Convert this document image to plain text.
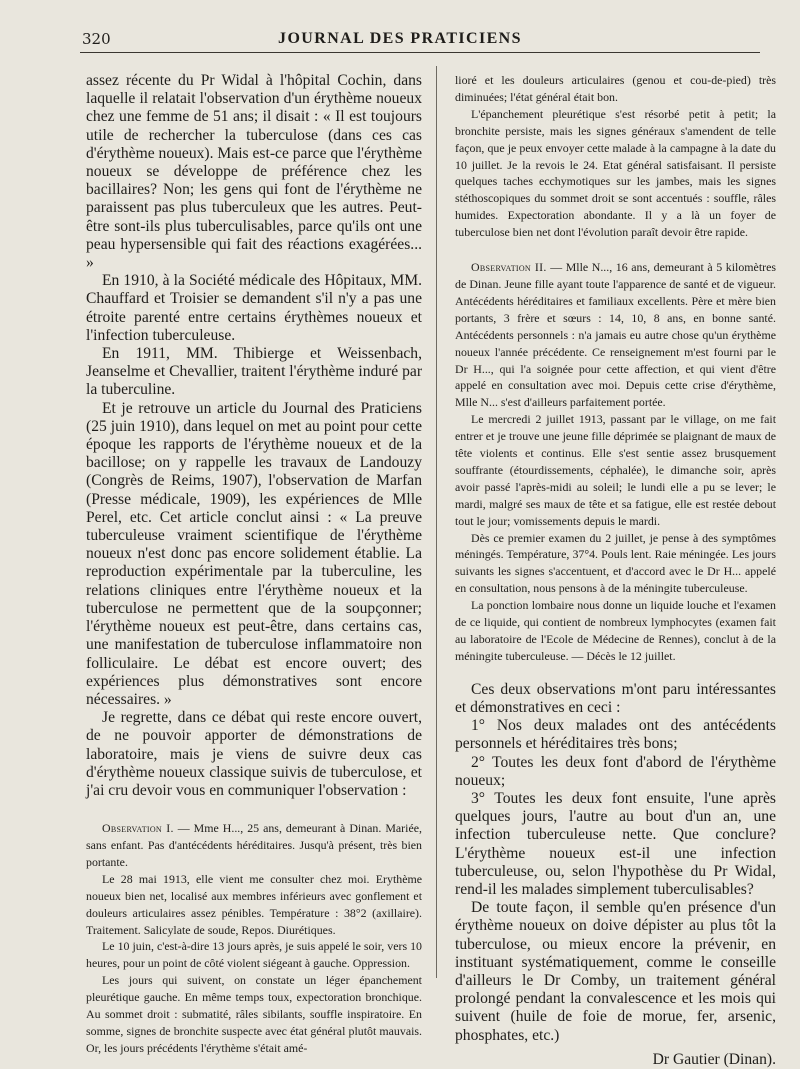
320	JOURNAL DES PRATICIENS

assez récente du Pr Widal à l'hôpital Cochin, dans laquelle il relatait l'observation d'un érythème noueux chez une femme de 51 ans; il disait : « Il est toujours utile de rechercher la tuberculose (dans ces cas d'érythème noueux). Mais est-ce parce que l'érythème noueux se développe de préférence chez les bacillaires? Non; les gens qui font de l'érythème ne paraissent pas plus tuberculeux que les autres. Peut-être sont-ils plus tuberculisables, parce qu'ils ont une peau hypersensible qui fait des réactions exagérées... »

En 1910, à la Société médicale des Hôpitaux, MM. Chauffard et Troisier se demandent s'il n'y a pas une étroite parenté entre certains érythèmes noueux et l'infection tuberculeuse.

En 1911, MM. Thibierge et Weissenbach, Jeanselme et Chevallier, traitent l'érythème induré par la tuberculine.

Et je retrouve un article du Journal des Praticiens (25 juin 1910), dans lequel on met au point pour cette époque les rapports de l'érythème noueux et de la bacillose; on y rappelle les travaux de Landouzy (Congrès de Reims, 1907), l'observation de Marfan (Presse médicale, 1909), les expériences de Mlle Perel, etc. Cet article conclut ainsi : « La preuve tuberculeuse vraiment scientifique de l'érythème noueux n'est donc pas encore solidement établie. La reproduction expérimentale par la tuberculine, les relations cliniques entre l'érythème noueux et la tuberculose ne permettent que de la soupçonner; l'érythème noueux est peut-être, dans certains cas, une manifestation de tuberculose inflammatoire non folliculaire. Le débat est encore ouvert; des expériences plus démonstratives sont encore nécessaires. »

Je regrette, dans ce débat qui reste encore ouvert, de ne pouvoir apporter de démonstrations de laboratoire, mais je viens de suivre deux cas d'érythème noueux classique suivis de tuberculose, et j'ai cru devoir vous en communiquer l'observation :

Observation I. — Mme H..., 25 ans, demeurant à Dinan. Mariée, sans enfant. Pas d'antécédents héréditaires. Jusqu'à présent, très bien portante.

Le 28 mai 1913, elle vient me consulter chez moi. Erythème noueux bien net, localisé aux membres inférieurs avec gonflement et douleurs articulaires assez pénibles. Température : 38°2 (axillaire). Traitement. Salicylate de soude, Repos. Diurétiques.

Le 10 juin, c'est-à-dire 13 jours après, je suis appelé le soir, vers 10 heures, pour un point de côté violent siégeant à gauche. Oppression.

Les jours qui suivent, on constate un léger épanchement pleurétique gauche. En même temps toux, expectoration bronchique. Au sommet droit : submatité, râles sibilants, souffle inspiratoire. En somme, signes de bronchite suspecte avec état général plutôt mauvais. Or, les jours précédents l'érythème s'était amé-

lioré et les douleurs articulaires (genou et cou-de-pied) très diminuées; l'état général était bon.

L'épanchement pleurétique s'est résorbé petit à petit; la bronchite persiste, mais les signes généraux s'amendent de telle façon, que je peux envoyer cette malade à la campagne à la date du 10 juillet. Je la revois le 24. Etat général satisfaisant. Il persiste quelques taches ecchymotiques sur les jambes, mais les signes stéthoscopiques du sommet droit se sont accentués : souffle, râles humides. Expectoration abondante. Il y a là un foyer de tuberculose bien net dont l'évolution paraît devoir être rapide.

Observation II. — Mlle N..., 16 ans, demeurant à 5 kilomètres de Dinan. Jeune fille ayant toute l'apparence de santé et de vigueur. Antécédents héréditaires et familiaux excellents. Père et mère bien portants, 3 frère et sœurs : 14, 10, 8 ans, en bonne santé. Antécédents personnels : n'a jamais eu autre chose qu'un érythème noueux l'année précédente. Ce renseignement m'est fourni par le Dr H..., qui l'a soignée pour cette affection, et qui vient d'être appelé en consultation avec moi. Depuis cette crise d'érythème, Mlle N... s'est d'ailleurs parfaitement portée.

Le mercredi 2 juillet 1913, passant par le village, on me fait entrer et je trouve une jeune fille déprimée se plaignant de maux de tête violents et continus. Elle s'est sentie assez brusquement souffrante (étourdissements, céphalée), le dimanche soir, après avoir passé l'après-midi au soleil; le lundi elle a pu se lever; le mardi, malgré ses maux de tête et sa fatigue, elle est restée debout tout le jour; vomissements depuis le mardi.

Dès ce premier examen du 2 juillet, je pense à des symptômes méningés. Température, 37°4. Pouls lent. Raie méningée. Les jours suivants les signes s'accentuent, et d'accord avec le Dr H... appelé en consultation, nous pensons à de la méningite tuberculeuse.

La ponction lombaire nous donne un liquide louche et l'examen de ce liquide, qui contient de nombreux lymphocytes (examen fait au laboratoire de l'Ecole de Médecine de Rennes), conclut à de la méningite tuberculeuse. — Décès le 12 juillet.

Ces deux observations m'ont paru intéressantes et démonstratives en ceci :

1° Nos deux malades ont des antécédents personnels et héréditaires très bons;

2° Toutes les deux font d'abord de l'érythème noueux;

3° Toutes les deux font ensuite, l'une après quelques jours, l'autre au bout d'un an, une infection tuberculeuse nette. Que conclure? L'érythème noueux est-il une infection tuberculeuse, ou, selon l'hypothèse du Pr Widal, rend-il les malades simplement tuberculisables?

De toute façon, il semble qu'en présence d'un érythème noueux on doive dépister au plus tôt la tuberculose, ou mieux encore la prévenir, en instituant systématiquement, comme le conseille d'ailleurs le Dr Comby, un traitement général prolongé pendant la convalescence et les mois qui suivent (huile de foie de morue, fer, arsenic, phosphates, etc.)

Dr Gautier (Dinan).
